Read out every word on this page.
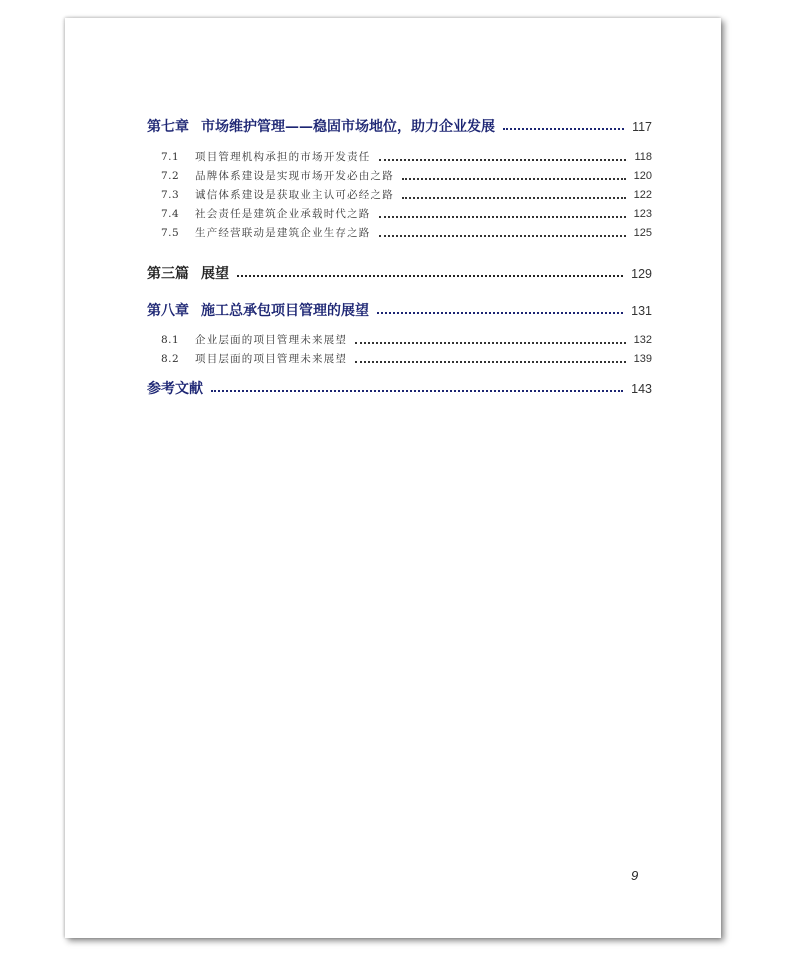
第七章 市场维护管理——稳固市场地位，助力企业发展	117
7.1	项目管理机构承担的市场开发责任	118
7.2	品牌体系建设是实现市场开发必由之路	120
7.3	诚信体系建设是获取业主认可必经之路	122
7.4	社会责任是建筑企业承载时代之路	123
7.5	生产经营联动是建筑企业生存之路	125
第三篇 展望	129
第八章 施工总承包项目管理的展望	131
8.1	企业层面的项目管理未来展望	132
8.2	项目层面的项目管理未来展望	139
参考文献	143
9
